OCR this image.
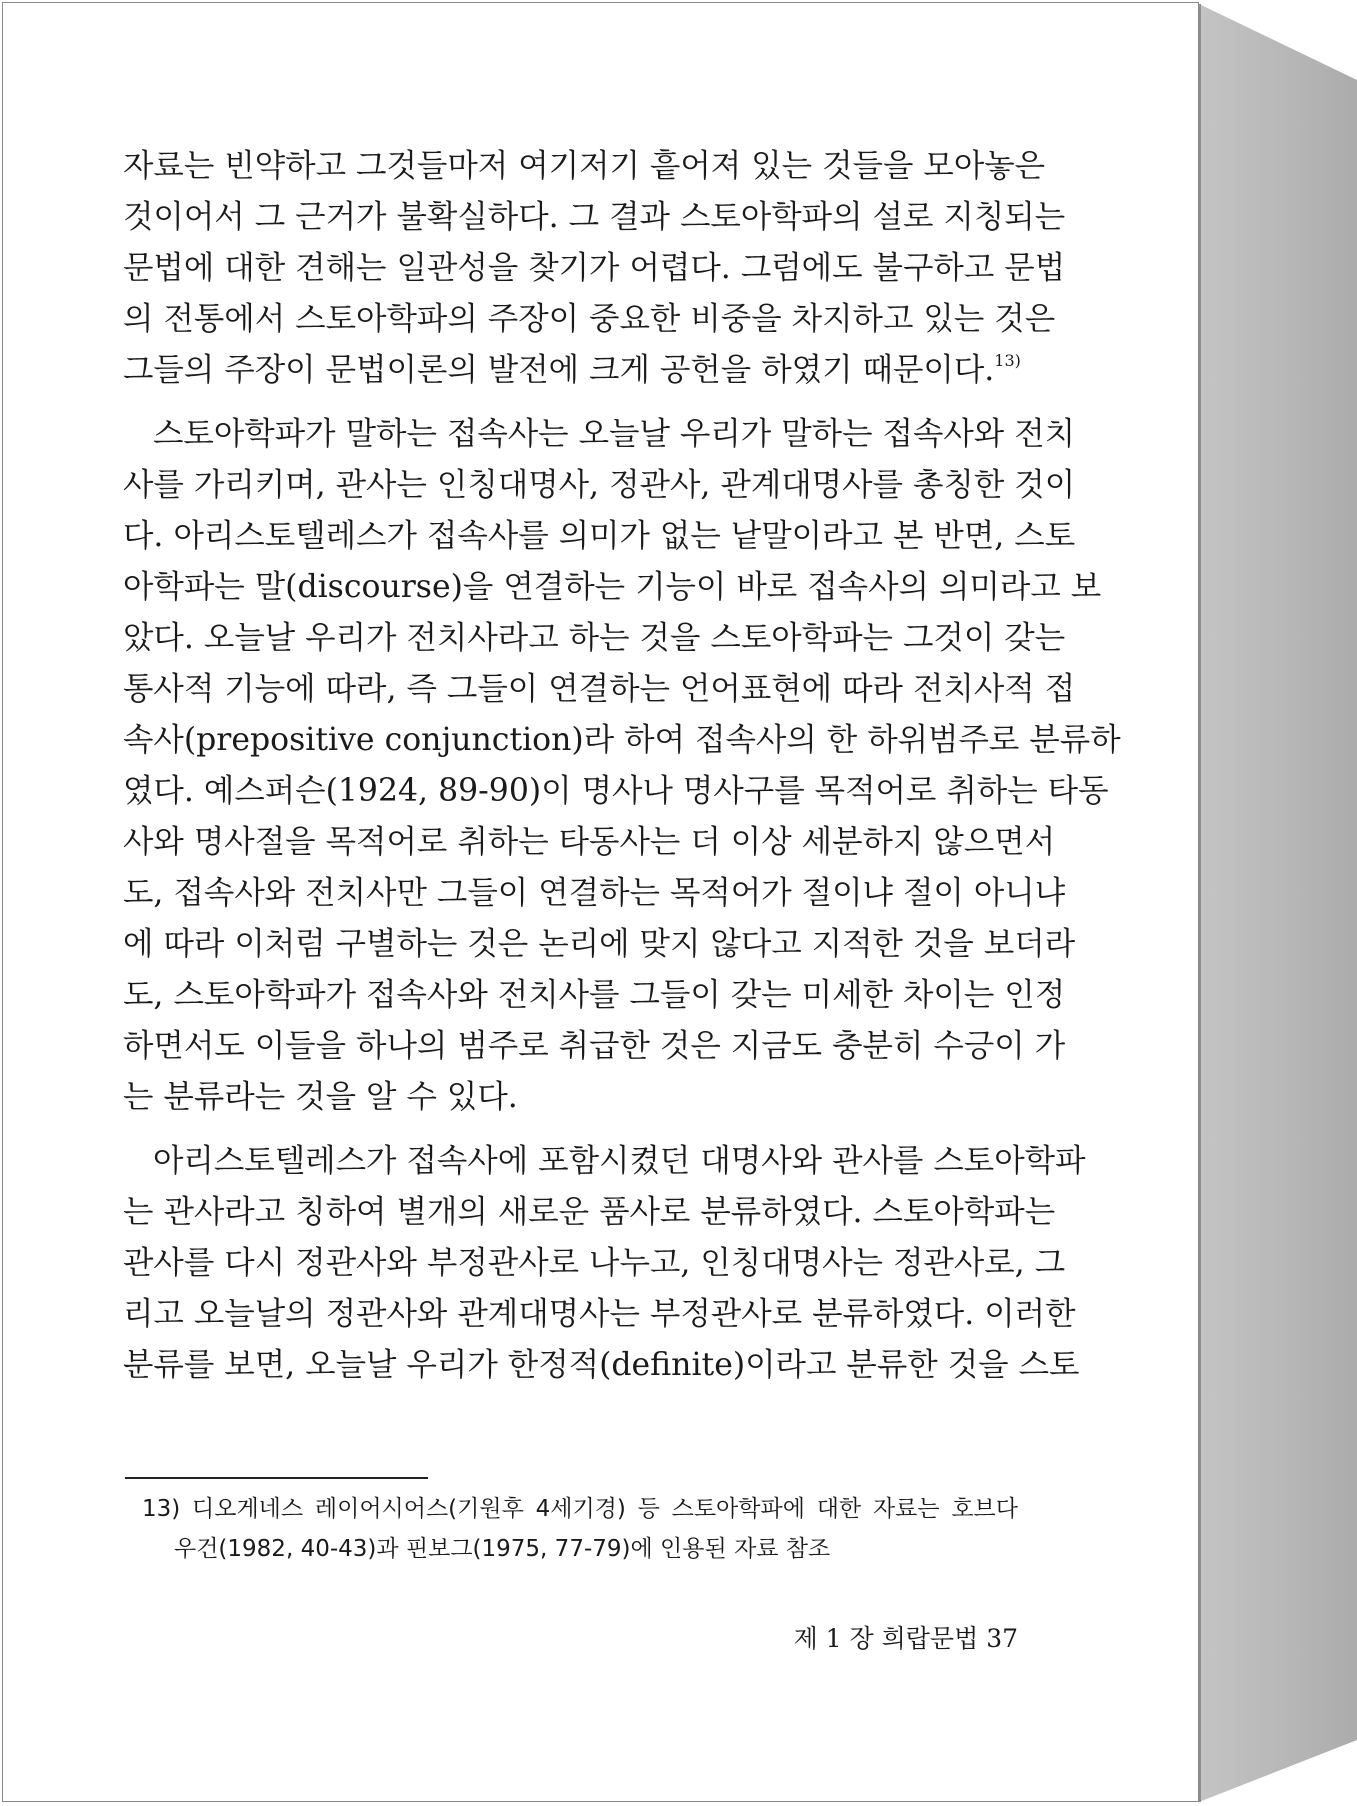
자료는 빈약하고 그것들마저 여기저기 흩어져 있는 것들을 모아놓은
것이어서 그 근거가 불확실하다. 그 결과 스토아학파의 설로 지칭되는
문법에 대한 견해는 일관성을 찾기가 어렵다. 그럼에도 불구하고 문법
의 전통에서 스토아학파의 주장이 중요한 비중을 차지하고 있는 것은
그들의 주장이 문법이론의 발전에 크게 공헌을 하였기 때문이다.$^{13)}$
스토아학파가 말하는 접속사는 오늘날 우리가 말하는 접속사와 전치
사를 가리키며, 관사는 인칭대명사, 정관사, 관계대명사를 총칭한 것이
다. 아리스토텔레스가 접속사를 의미가 없는 낱말이라고 본 반면, 스토
아학파는 말(discourse)을 연결하는 기능이 바로 접속사의 의미라고 보
았다. 오늘날 우리가 전치사라고 하는 것을 스토아학파는 그것이 갖는
통사적 기능에 따라, 즉 그들이 연결하는 언어표현에 따라 전치사적 접
속사(prepositive conjunction)라 하여 접속사의 한 하위범주로 분류하
였다. 예스퍼슨(1924, 89-90)이 명사나 명사구를 목적어로 취하는 타동
사와 명사절을 목적어로 취하는 타동사는 더 이상 세분하지 않으면서
도, 접속사와 전치사만 그들이 연결하는 목적어가 절이냐 절이 아니냐
에 따라 이처럼 구별하는 것은 논리에 맞지 않다고 지적한 것을 보더라
도, 스토아학파가 접속사와 전치사를 그들이 갖는 미세한 차이는 인정
하면서도 이들을 하나의 범주로 취급한 것은 지금도 충분히 수긍이 가
는 분류라는 것을 알 수 있다.
아리스토텔레스가 접속사에 포함시켰던 대명사와 관사를 스토아학파
는 관사라고 칭하여 별개의 새로운 품사로 분류하였다. 스토아학파는
관사를 다시 정관사와 부정관사로 나누고, 인칭대명사는 정관사로, 그
리고 오늘날의 정관사와 관계대명사는 부정관사로 분류하였다. 이러한
분류를 보면, 오늘날 우리가 한정적(definite)이라고 분류한 것을 스토
13) 디오게네스 레이어시어스(기원후 4세기경) 등 스토아학파에 대한 자료는 호브다
우건(1982, 40-43)과 핀보그(1975, 77-79)에 인용된 자료 참조
제 1 장 희랍문법 37
